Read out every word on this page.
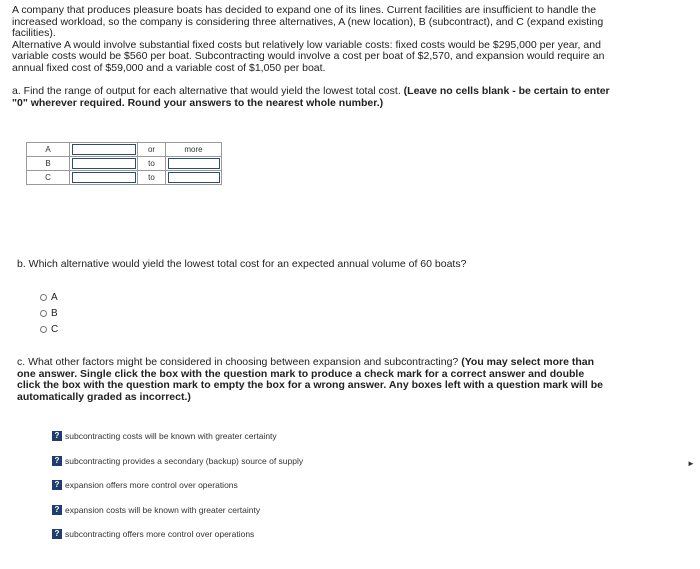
A company that produces pleasure boats has decided to expand one of its lines. Current facilities are insufficient to handle the increased workload, so the company is considering three alternatives, A (new location), B (subcontract), and C (expand existing facilities).

Alternative A would involve substantial fixed costs but relatively low variable costs: fixed costs would be $295,000 per year, and variable costs would be $560 per boat. Subcontracting would involve a cost per boat of $2,570, and expansion would require an annual fixed cost of $59,000 and a variable cost of $1,050 per boat.

a. Find the range of output for each alternative that would yield the lowest total cost. (Leave no cells blank - be certain to enter "0" wherever required. Round your answers to the nearest whole number.)
A		or	more
B		to	

C		to	
b. Which alternative would yield the lowest total cost for an expected annual volume of 60 boats?
A
B
C
c. What other factors might be considered in choosing between expansion and subcontracting? (You may select more than one answer. Single click the box with the question mark to produce a check mark for a correct answer and double click the box with the question mark to empty the box for a wrong answer. Any boxes left with a question mark will be automatically graded as incorrect.)
? subcontracting costs will be known with greater certainty
? subcontracting provides a secondary (backup) source of supply
? expansion offers more control over operations
? expansion costs will be known with greater certainty
? subcontracting offers more control over operations
►
